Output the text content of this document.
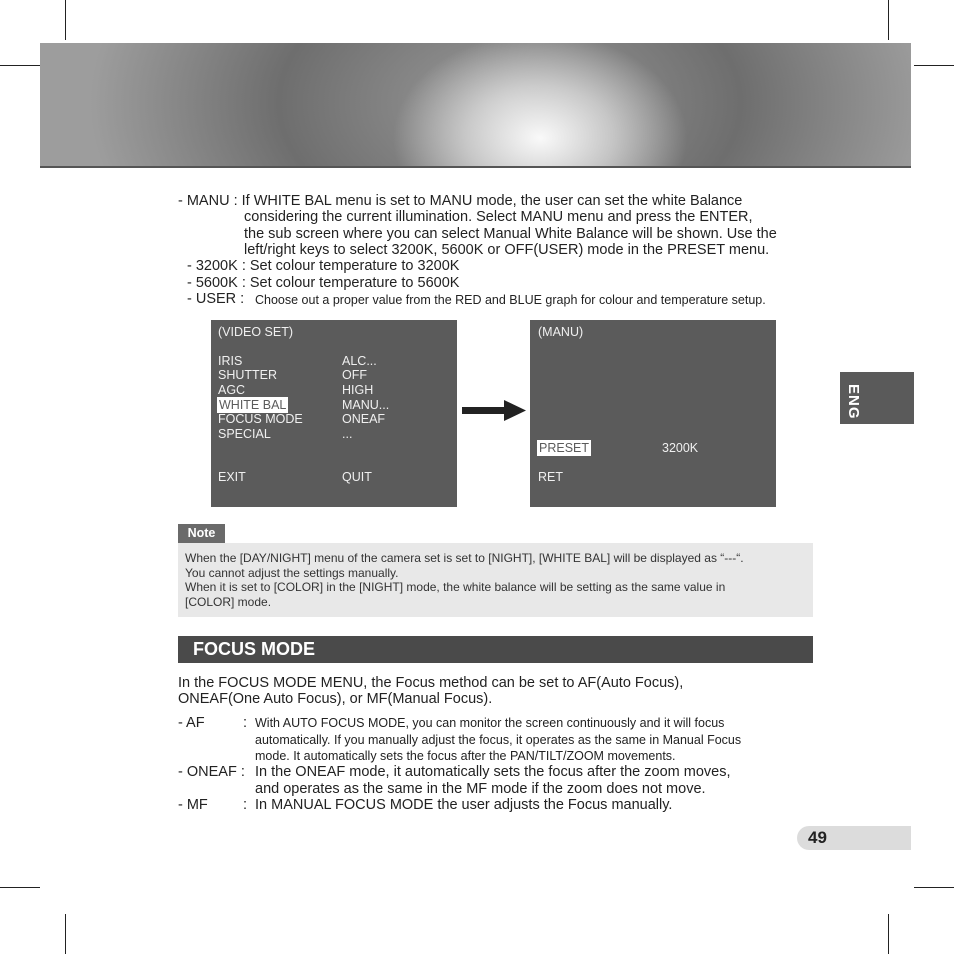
- MANU : If WHITE BAL menu is set to MANU mode, the user can set the white Balance
considering the current illumination. Select MANU menu and press the ENTER,
the sub screen where you can select Manual White Balance will be shown. Use the
left/right keys to select 3200K, 5600K or OFF(USER) mode in the PRESET menu.
- 3200K : Set colour temperature to 3200K
- 5600K : Set colour temperature to 5600K
- USER : Choose out a proper value from the RED and BLUE graph for colour and temperature setup.
(VIDEO SET)
IRIS	ALC...
SHUTTER	OFF
AGC	HIGH
WHITE BAL	MANU...
FOCUS MODE	ONEAF
SPECIAL	...
EXIT	QUIT
(MANU)
PRESET	3200K
RET
Note
When the [DAY/NIGHT] menu of the camera set is set to [NIGHT], [WHITE BAL] will be displayed as “---“.
You cannot adjust the settings manually.
When it is set to [COLOR] in the [NIGHT] mode, the white balance will be setting as the same value in
[COLOR] mode.
FOCUS MODE
In the FOCUS MODE MENU, the Focus method can be set to AF(Auto Focus),
ONEAF(One Auto Focus), or MF(Manual Focus).
- AF	: With AUTO FOCUS MODE, you can monitor the screen continuously and it will focus
automatically. If you manually adjust the focus, it operates as the same in Manual Focus
mode. It automatically sets the focus after the PAN/TILT/ZOOM movements.
- ONEAF : In the ONEAF mode, it automatically sets the focus after the zoom moves,
and operates as the same in the MF mode if the zoom does not move.
- MF : In MANUAL FOCUS MODE the user adjusts the Focus manually.
ENG
49
